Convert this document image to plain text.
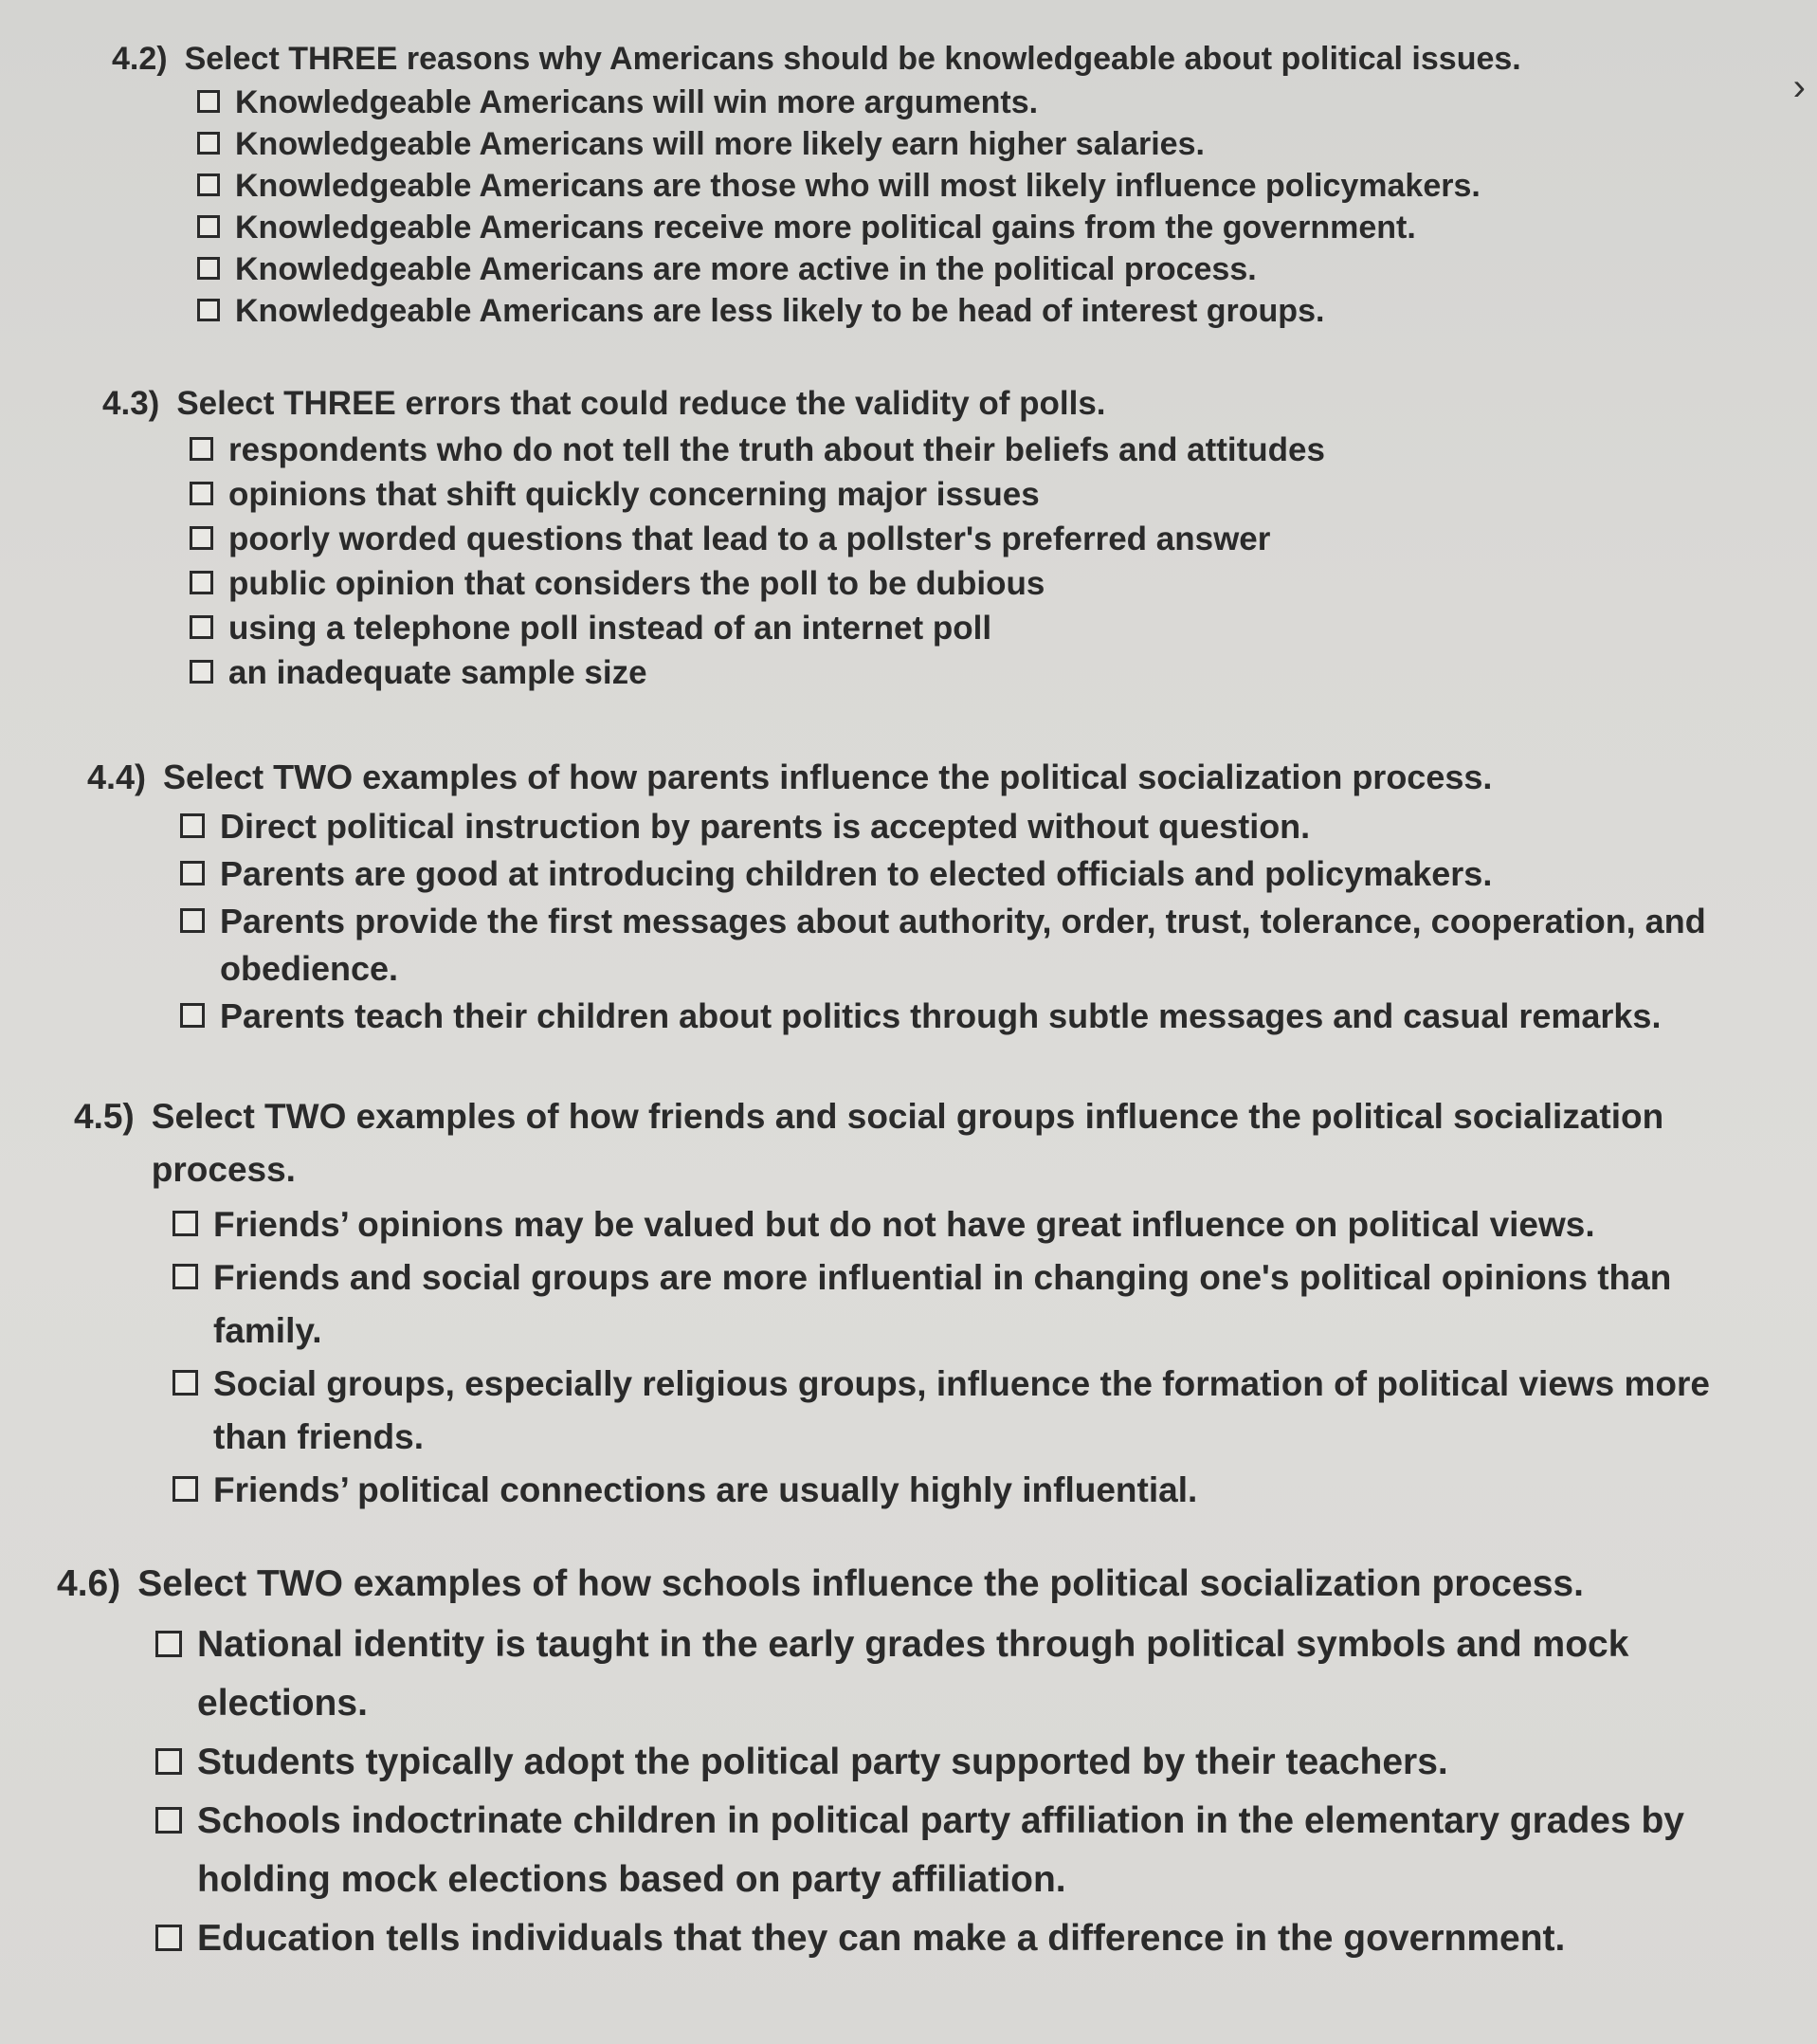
›
4.2) Select THREE reasons why Americans should be knowledgeable about political issues.
Knowledgeable Americans will win more arguments.
Knowledgeable Americans will more likely earn higher salaries.
Knowledgeable Americans are those who will most likely influence policymakers.
Knowledgeable Americans receive more political gains from the government.
Knowledgeable Americans are more active in the political process.
Knowledgeable Americans are less likely to be head of interest groups.
4.3) Select THREE errors that could reduce the validity of polls.
respondents who do not tell the truth about their beliefs and attitudes
opinions that shift quickly concerning major issues
poorly worded questions that lead to a pollster's preferred answer
public opinion that considers the poll to be dubious
using a telephone poll instead of an internet poll
an inadequate sample size
4.4) Select TWO examples of how parents influence the political socialization process.
Direct political instruction by parents is accepted without question.
Parents are good at introducing children to elected officials and policymakers.
Parents provide the first messages about authority, order, trust, tolerance, cooperation, and obedience.
Parents teach their children about politics through subtle messages and casual remarks.
4.5) Select TWO examples of how friends and social groups influence the political socialization process.
Friends’ opinions may be valued but do not have great influence on political views.
Friends and social groups are more influential in changing one's political opinions than family.
Social groups, especially religious groups, influence the formation of political views more than friends.
Friends’ political connections are usually highly influential.
4.6) Select TWO examples of how schools influence the political socialization process.
National identity is taught in the early grades through political symbols and mock elections.
Students typically adopt the political party supported by their teachers.
Schools indoctrinate children in political party affiliation in the elementary grades by holding mock elections based on party affiliation.
Education tells individuals that they can make a difference in the government.
